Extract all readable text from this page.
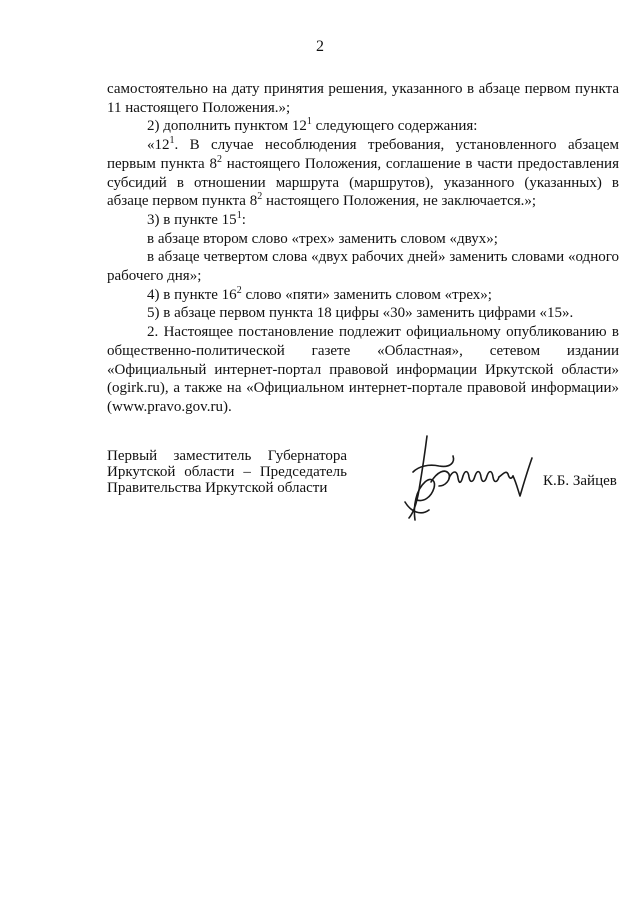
2

самостоятельно на дату принятия решения, указанного в абзаце первом пункта 11 настоящего Положения.»;

2) дополнить пунктом $12^1$ следующего содержания:

«$12^1$. В случае несоблюдения требования, установленного абзацем первым пункта $8^2$ настоящего Положения, соглашение в части предоставления субсидий в отношении маршрута (маршрутов), указанного (указанных) в абзаце первом пункта $8^2$ настоящего Положения, не заключается.»;

3) в пункте $15^1$:

в абзаце втором слово «трех» заменить словом «двух»;

в абзаце четвертом слова «двух рабочих дней» заменить словами «одного рабочего дня»;

4) в пункте $16^2$ слово «пяти» заменить словом «трех»;

5) в абзаце первом пункта 18 цифры «30» заменить цифрами «15».

2. Настоящее постановление подлежит официальному опубликованию в общественно-политической газете «Областная», сетевом издании «Официальный интернет-портал правовой информации Иркутской области» (ogirk.ru), а также на «Официальном интернет-портале правовой информации» (www.pravo.gov.ru).

Первый заместитель Губернатора
Иркутской области – Председатель
Правительства Иркутской области	К.Б. Зайцев
